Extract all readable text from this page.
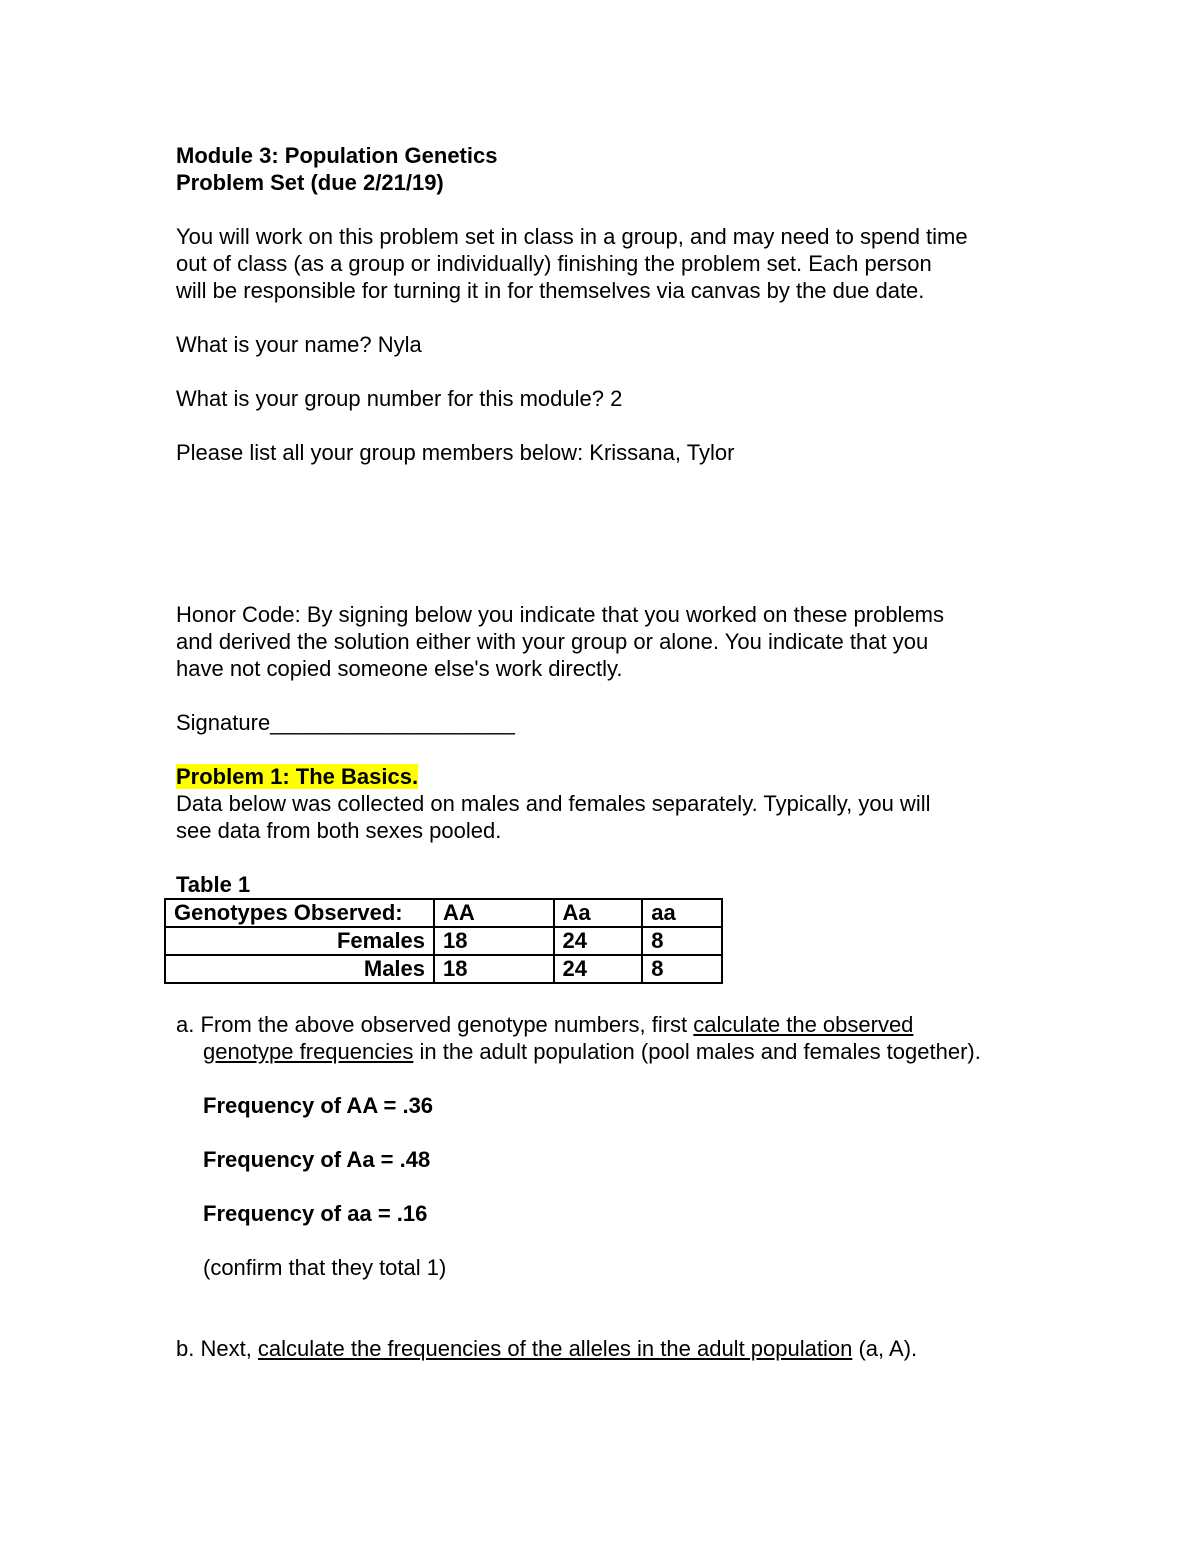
Module 3: Population Genetics
Problem Set (due 2/21/19)
You will work on this problem set in class in a group, and may need to spend time
out of class (as a group or individually) finishing the problem set. Each person
will be responsible for turning it in for themselves via canvas by the due date.
What is your name? Nyla
What is your group number for this module? 2
Please list all your group members below: Krissana, Tylor
Honor Code: By signing below you indicate that you worked on these problems
and derived the solution either with your group or alone. You indicate that you
have not copied someone else's work directly.
Signature____________________
Problem 1: The Basics.
Data below was collected on males and females separately. Typically, you will
see data from both sexes pooled.
Table 1
Genotypes Observed:	AA	Aa	aa
Females	18	24	8
Males	18	24	8
a. From the above observed genotype numbers, first calculate the observed genotype frequencies in the adult population (pool males and females together).
Frequency of AA = .36
Frequency of Aa = .48
Frequency of aa = .16
(confirm that they total 1)
b. Next, calculate the frequencies of the alleles in the adult population (a, A).
